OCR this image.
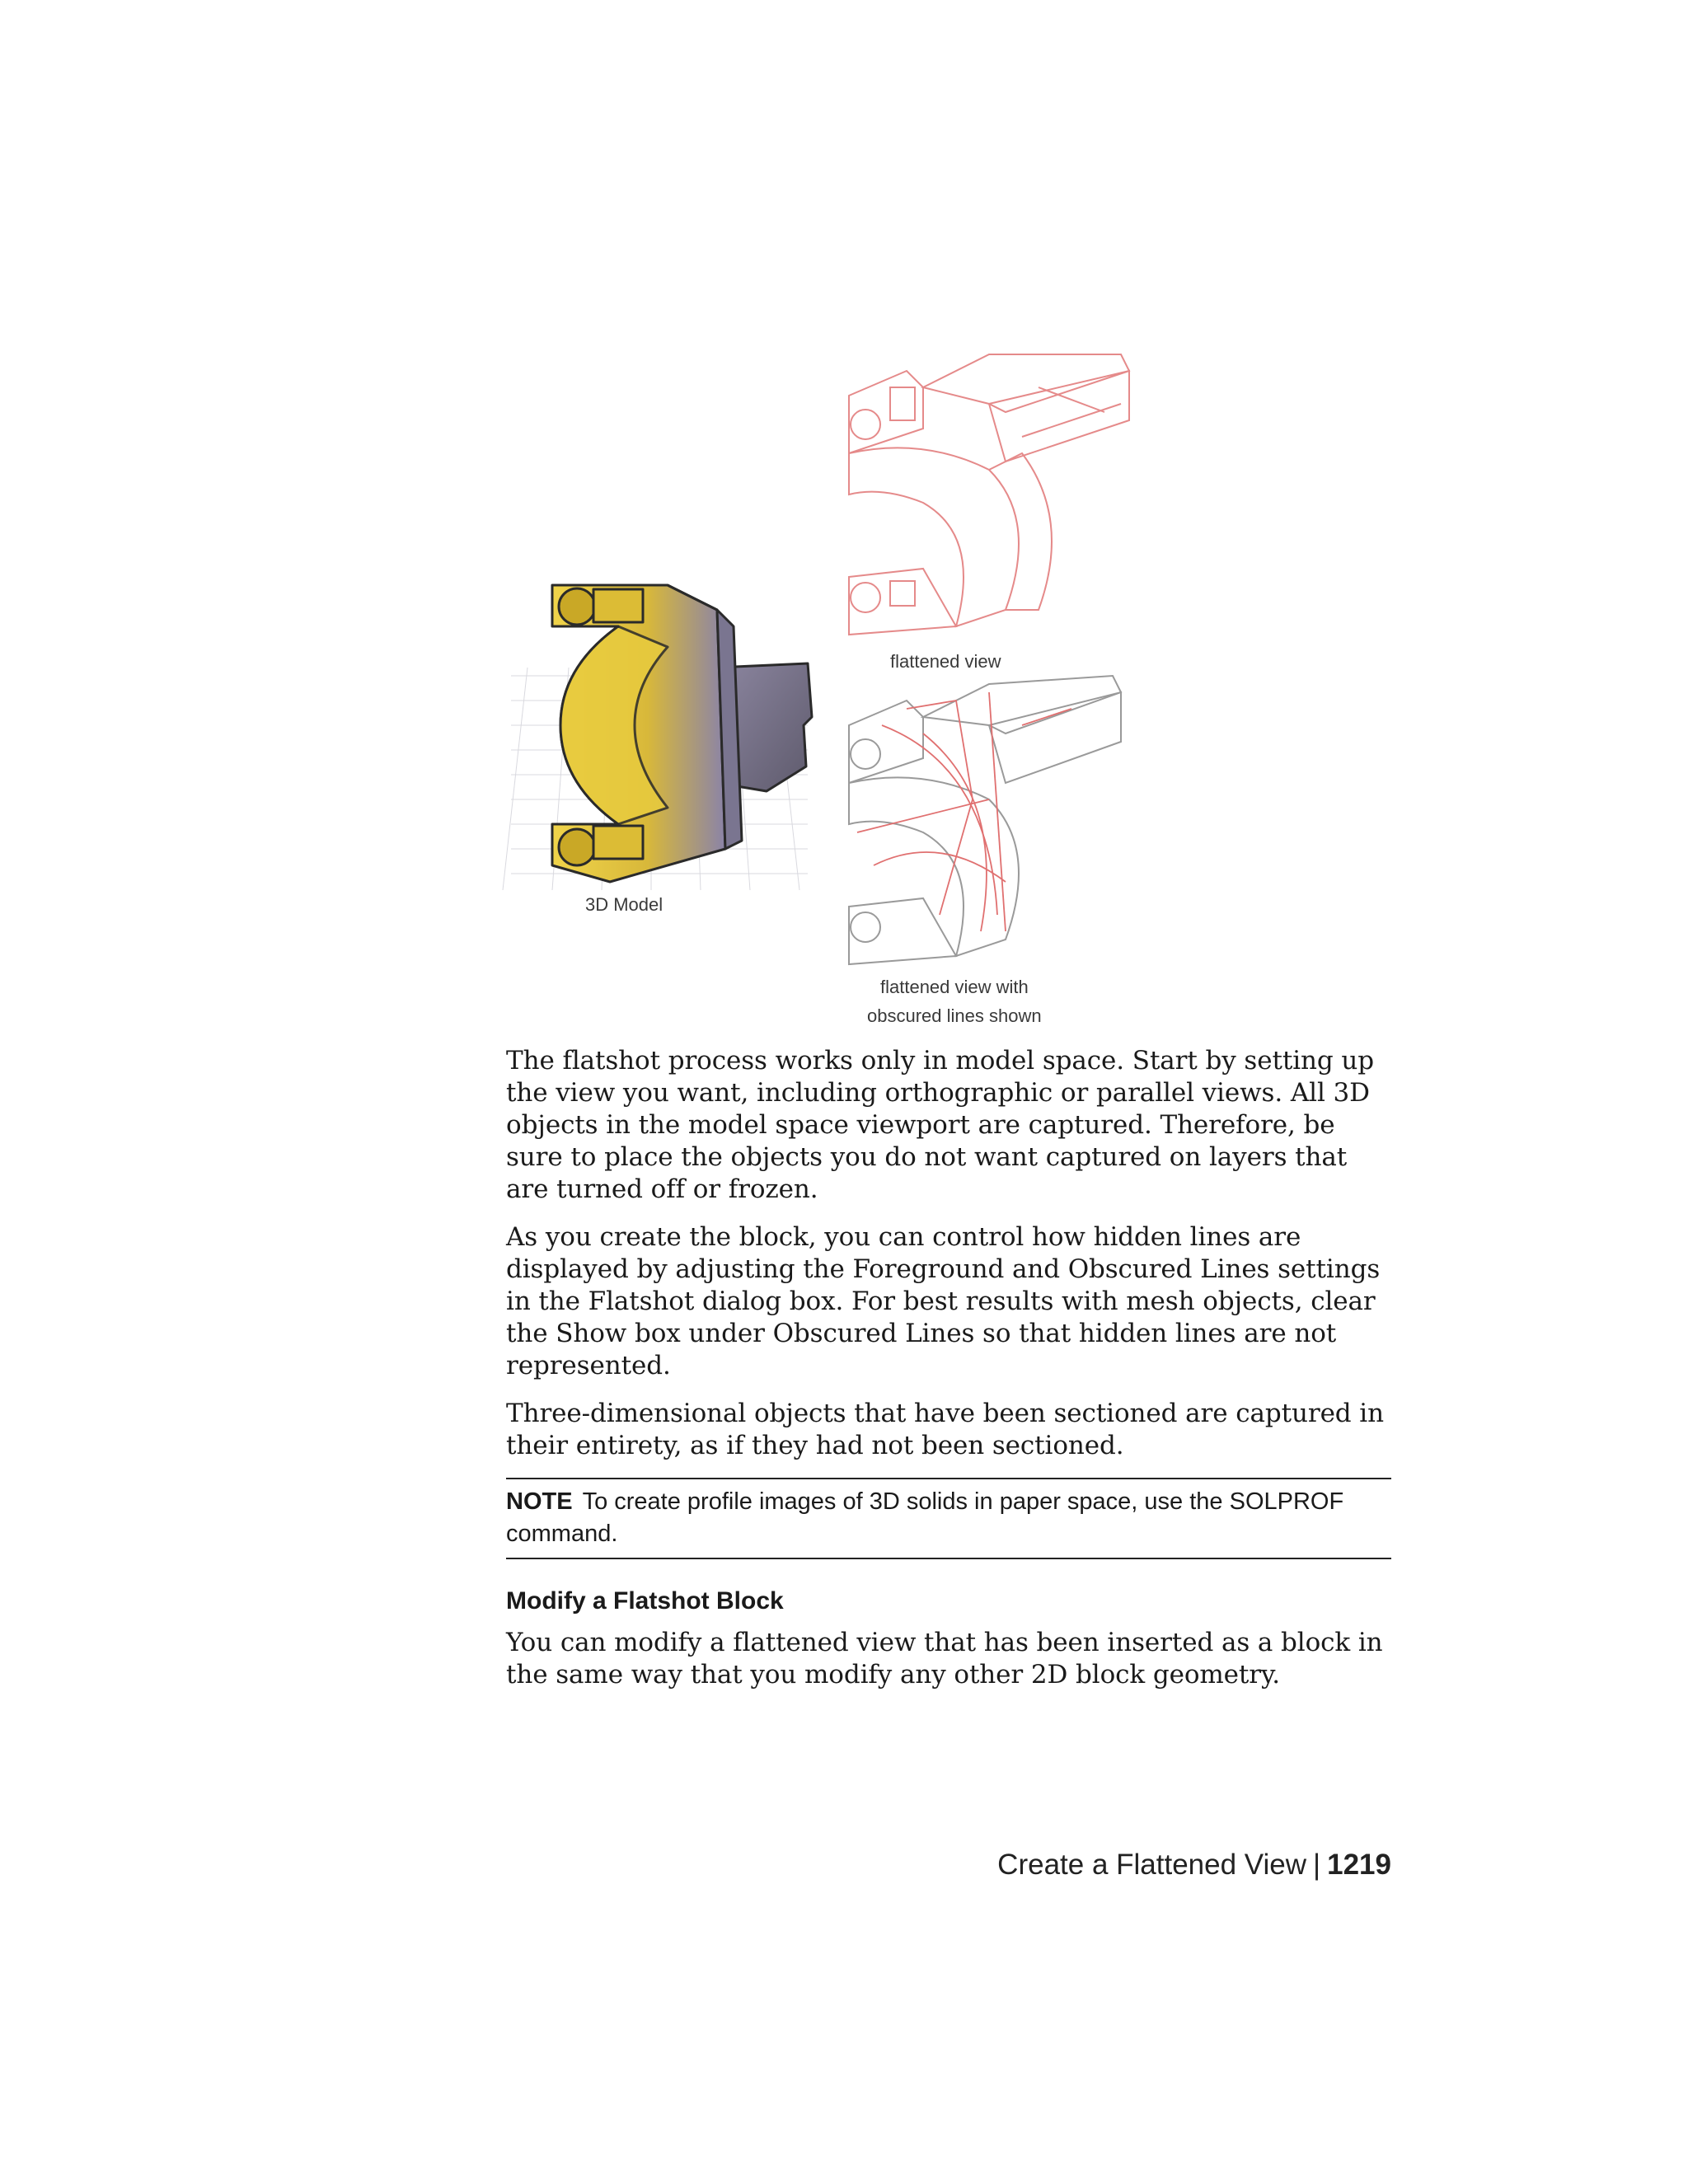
3D Model
flattened view
flattened view with
obscured lines shown

The flatshot process works only in model space. Start by setting up the view you want, including orthographic or parallel views. All 3D objects in the model space viewport are captured. Therefore, be sure to place the objects you do not want captured on layers that are turned off or frozen.

As you create the block, you can control how hidden lines are displayed by adjusting the Foreground and Obscured Lines settings in the Flatshot dialog box. For best results with mesh objects, clear the Show box under Obscured Lines so that hidden lines are not represented.

Three-dimensional objects that have been sectioned are captured in their entirety, as if they had not been sectioned.

NOTE To create profile images of 3D solids in paper space, use the SOLPROF command.
Modify a Flatshot Block

You can modify a flattened view that has been inserted as a block in the same way that you modify any other 2D block geometry.

Create a Flattened View | 1219
